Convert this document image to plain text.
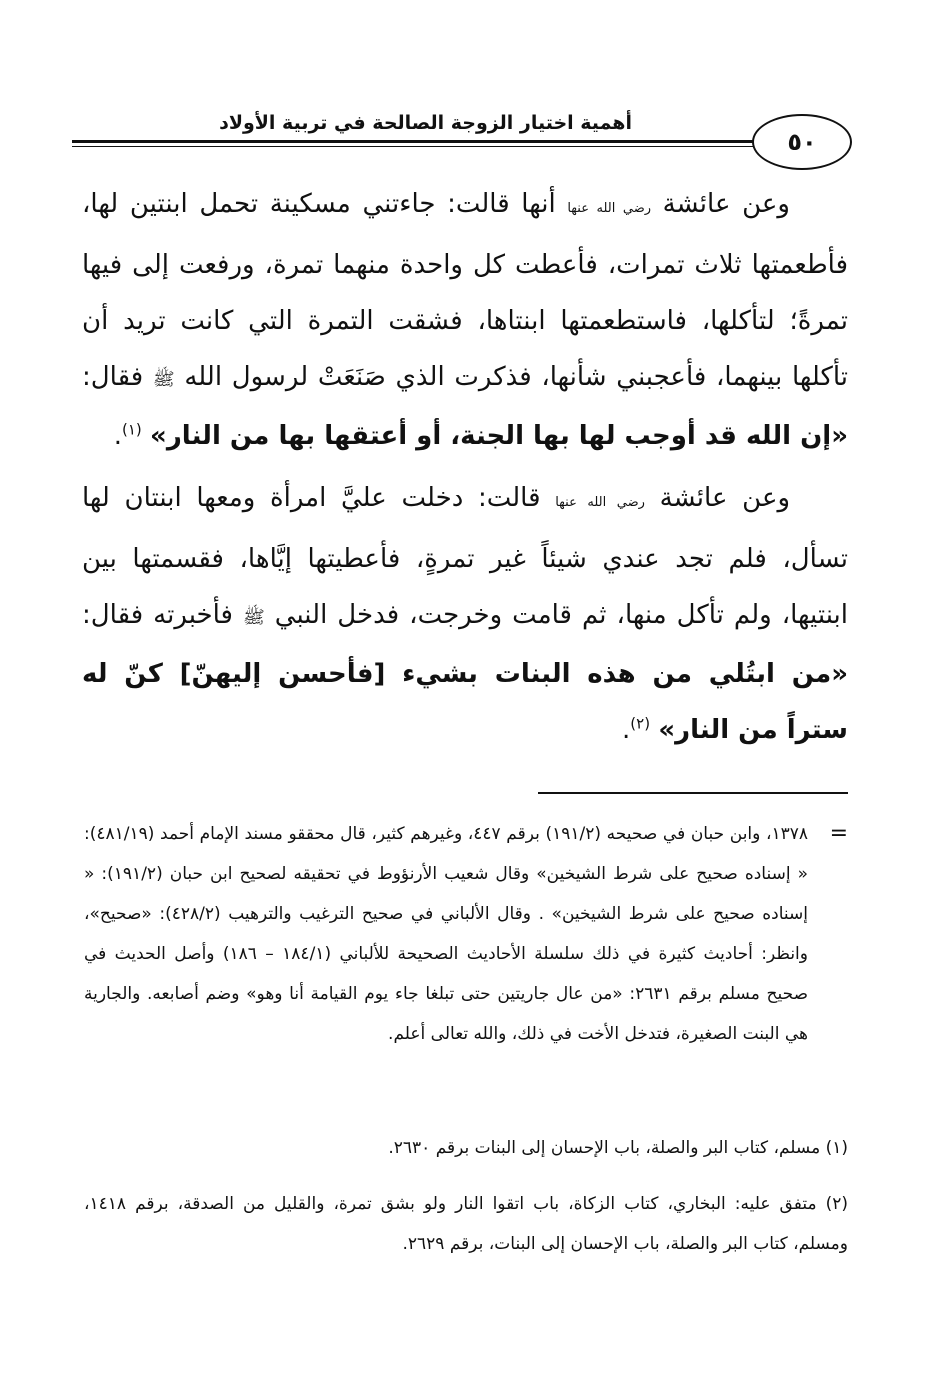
أهمية اختيار الزوجة الصالحة في تربية الأولاد
٥٠

وعن عائشة رضي الله عنها أنها قالت: جاءتني مسكينة تحمل ابنتين لها، فأطعمتها ثلاث تمرات، فأعطت كل واحدة منهما تمرة، ورفعت إلى فيها تمرةً؛ لتأكلها، فاستطعمتها ابنتاها، فشقت التمرة التي كانت تريد أن تأكلها بينهما، فأعجبني شأنها، فذكرت الذي صَنَعَتْ لرسول الله ﷺ فقال: «إن الله قد أوجب لها بها الجنة، أو أعتقها بها من النار» $^{(١)}$.

وعن عائشة رضي الله عنها قالت: دخلت عليَّ امرأة ومعها ابنتان لها تسأل، فلم تجد عندي شيئاً غير تمرةٍ، فأعطيتها إيَّاها، فقسمتها بين ابنتيها، ولم تأكل منها، ثم قامت وخرجت، فدخل النبي ﷺ فأخبرته فقال: «من ابتُلي من هذه البنات بشيء [فأحسن إليهنّ] كنّ له ستراً من النار» $^{(٢)}$.

=
١٣٧٨، وابن حبان في صحيحه (١٩١/٢) برقم ٤٤٧، وغيرهم كثير، قال محققو مسند الإمام أحمد (٤٨١/١٩): « إسناده صحيح على شرط الشيخين» وقال شعيب الأرنؤوط في تحقيقه لصحيح ابن حبان (١٩١/٢): « إسناده صحيح على شرط الشيخين» . وقال الألباني في صحيح الترغيب والترهيب (٤٢٨/٢): «صحيح»، وانظر: أحاديث كثيرة في ذلك سلسلة الأحاديث الصحيحة للألباني (١٨٤/١ – ١٨٦) وأصل الحديث في صحيح مسلم برقم ٢٦٣١: «من عال جاريتين حتى تبلغا جاء يوم القيامة أنا وهو» وضم أصابعه. والجارية هي البنت الصغيرة، فتدخل الأخت في ذلك، والله تعالى أعلم.
(١) مسلم، كتاب البر والصلة، باب الإحسان إلى البنات برقم ٢٦٣٠.
(٢) متفق عليه: البخاري، كتاب الزكاة، باب اتقوا النار ولو بشق تمرة، والقليل من الصدقة، برقم ١٤١٨، ومسلم، كتاب البر والصلة، باب الإحسان إلى البنات، برقم ٢٦٢٩.
